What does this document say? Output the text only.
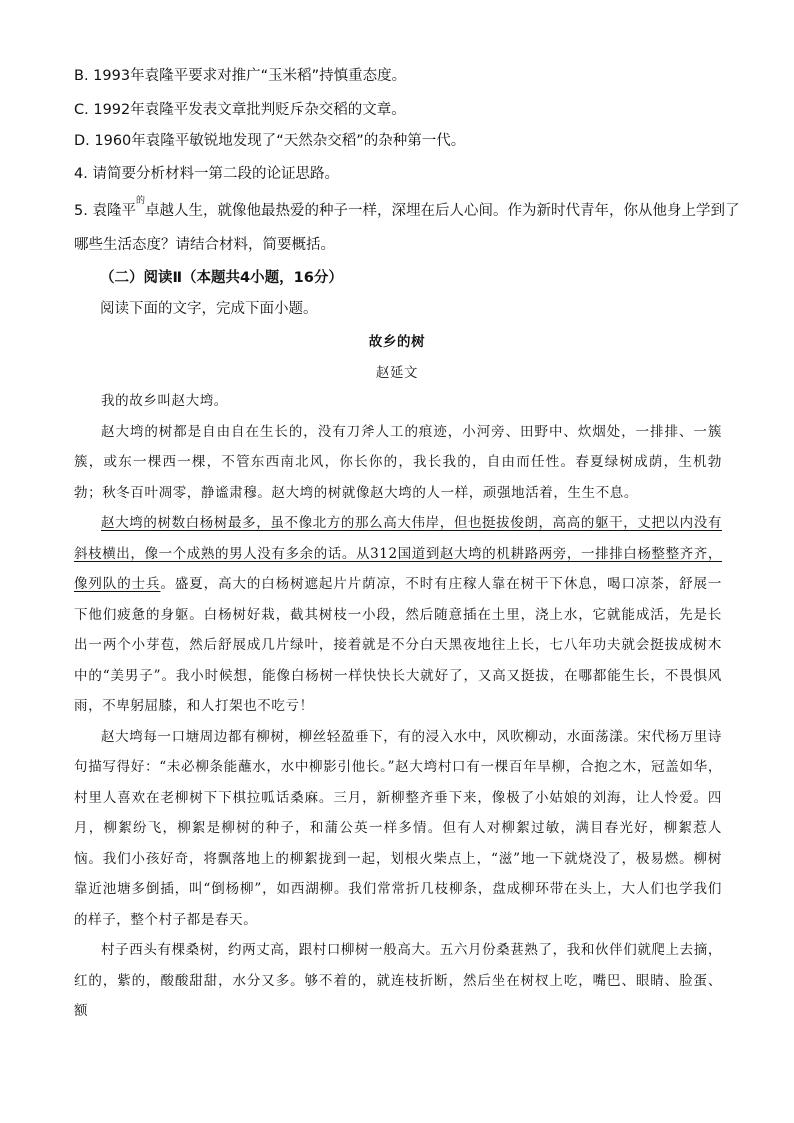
B. 1993年袁隆平要求对推广“玉米稻”持慎重态度。
C. 1992年袁隆平发表文章批判贬斥杂交稻的文章。
D. 1960年袁隆平敏锐地发现了“天然杂交稻”的杂种第一代。
4. 请简要分析材料一第二段的论证思路。
5. 袁隆平$^的$卓越人生，就像他最热爱的种子一样，深埋在后人心间。作为新时代青年，你从他身上学到了
哪些生活态度？请结合材料，简要概括。
（二）阅读Ⅱ（本题共4小题，16分）
阅读下面的文字，完成下面小题。
故乡的树
赵延文

我的故乡叫赵大塆。

赵大塆的树都是自由自在生长的，没有刀斧人工的痕迹，小河旁、田野中、炊烟处，一排排、一簇簇，或东一棵西一棵，不管东西南北风，你长你的，我长我的，自由而任性。春夏绿树成荫，生机勃勃；秋冬百叶凋零，静谧肃穆。赵大塆的树就像赵大塆的人一样，顽强地活着，生生不息。

赵大塆的树数白杨树最多，虽不像北方的那么高大伟岸，但也挺拔俊朗，高高的躯干，丈把以内没有斜枝横出，像一个成熟的男人没有多余的话。从312国道到赵大塆的机耕路两旁，一排排白杨整整齐齐，像列队的士兵。盛夏，高大的白杨树遮起片片荫凉，不时有庄稼人靠在树干下休息，喝口凉茶，舒展一下他们疲惫的身躯。白杨树好栽，截其树枝一小段，然后随意插在土里，浇上水，它就能成活，先是长出一两个小芽苞，然后舒展成几片绿叶，接着就是不分白天黑夜地往上长，七八年功夫就会挺拔成树木中的“美男子”。我小时候想，能像白杨树一样快快长大就好了，又高又挺拔，在哪都能生长，不畏惧风雨，不卑躬屈膝，和人打架也不吃亏！

赵大塆每一口塘周边都有柳树，柳丝轻盈垂下，有的浸入水中，风吹柳动，水面荡漾。宋代杨万里诗句描写得好：“未必柳条能蘸水，水中柳影引他长。”赵大塆村口有一棵百年旱柳，合抱之木，冠盖如华，村里人喜欢在老柳树下下棋拉呱话桑麻。三月，新柳整齐垂下来，像极了小姑娘的刘海，让人怜爱。四月，柳絮纷飞，柳絮是柳树的种子，和蒲公英一样多情。但有人对柳絮过敏，满目春光好，柳絮惹人恼。我们小孩好奇，将飘落地上的柳絮拢到一起，划根火柴点上，“滋”地一下就烧没了，极易燃。柳树靠近池塘多倒插，叫“倒杨柳”，如西湖柳。我们常常折几枝柳条，盘成柳环带在头上，大人们也学我们的样子，整个村子都是春天。

村子西头有棵桑树，约两丈高，跟村口柳树一般高大。五六月份桑葚熟了，我和伙伴们就爬上去摘，红的，紫的，酸酸甜甜，水分又多。够不着的，就连枝折断，然后坐在树杈上吃，嘴巴、眼睛、脸蛋、额
